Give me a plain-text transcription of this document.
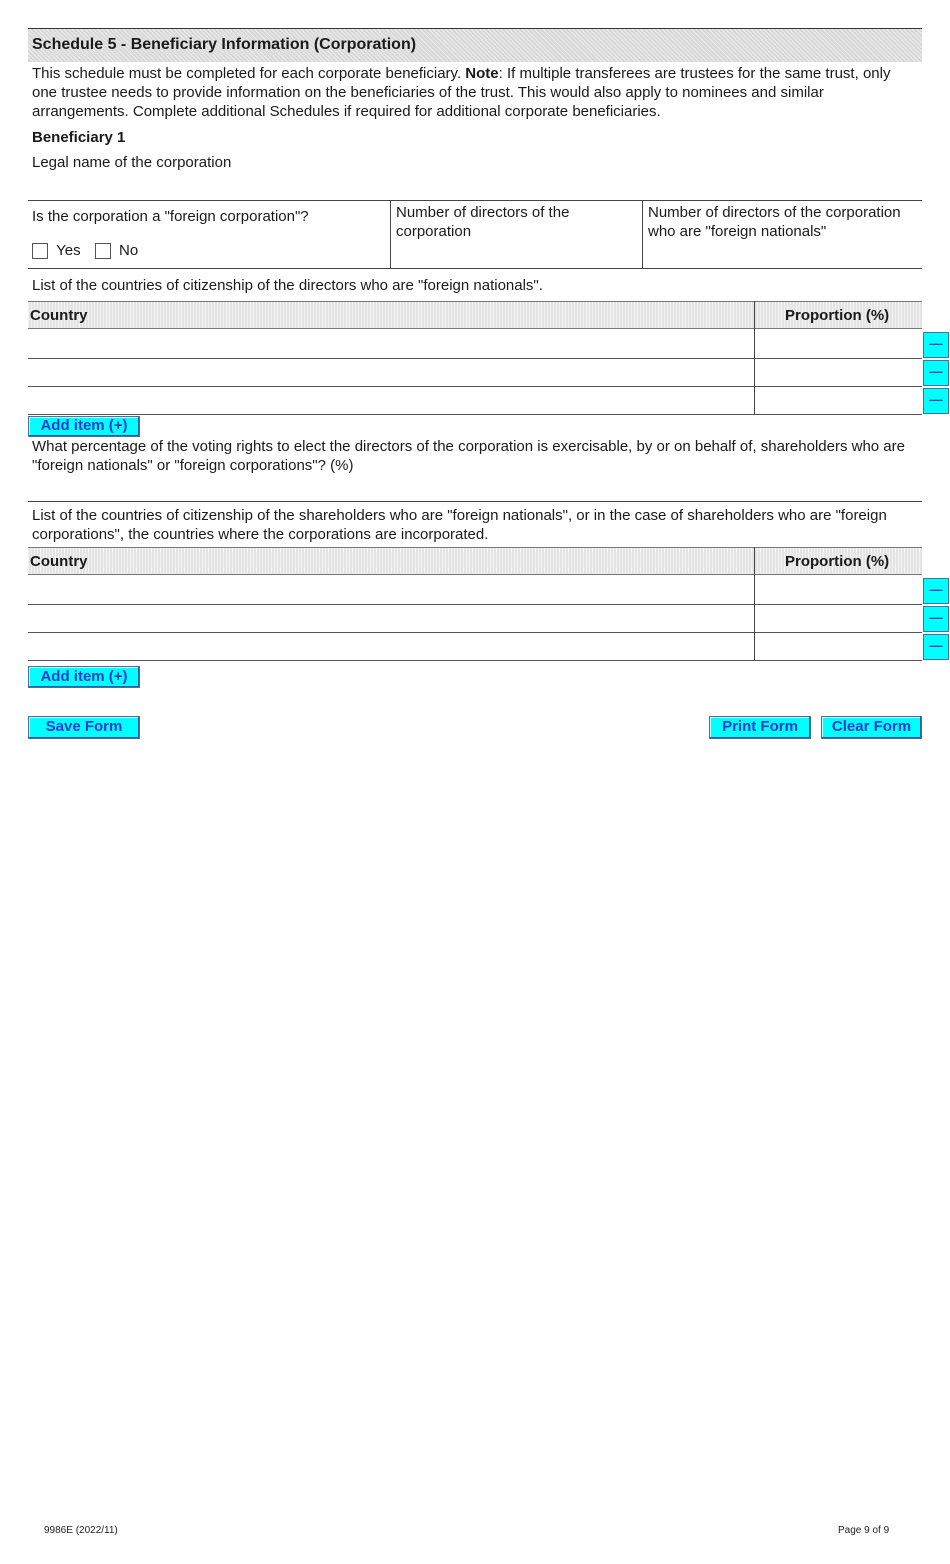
Schedule 5 - Beneficiary Information (Corporation)
This schedule must be completed for each corporate beneficiary. Note: If multiple transferees are trustees for the same trust, only one trustee needs to provide information on the beneficiaries of the trust. This would also apply to nominees and similar arrangements. Complete additional Schedules if required for additional corporate beneficiaries.
Beneficiary 1
Legal name of the corporation
Is the corporation a "foreign corporation"?
Yes	No
Number of directors of the corporation
Number of directors of the corporation who are "foreign nationals"
List of the countries of citizenship of the directors who are "foreign nationals".
Country	Proportion (%)
—
—
—
Add item (+)
What percentage of the voting rights to elect the directors of the corporation is exercisable, by or on behalf of, shareholders who are "foreign nationals" or "foreign corporations"? (%)
List of the countries of citizenship of the shareholders who are "foreign nationals", or in the case of shareholders who are "foreign corporations", the countries where the corporations are incorporated.
Country	Proportion (%)
—
—
—
Add item (+)
Save Form	Print Form	Clear Form
9986E (2022/11)	Page 9 of 9
